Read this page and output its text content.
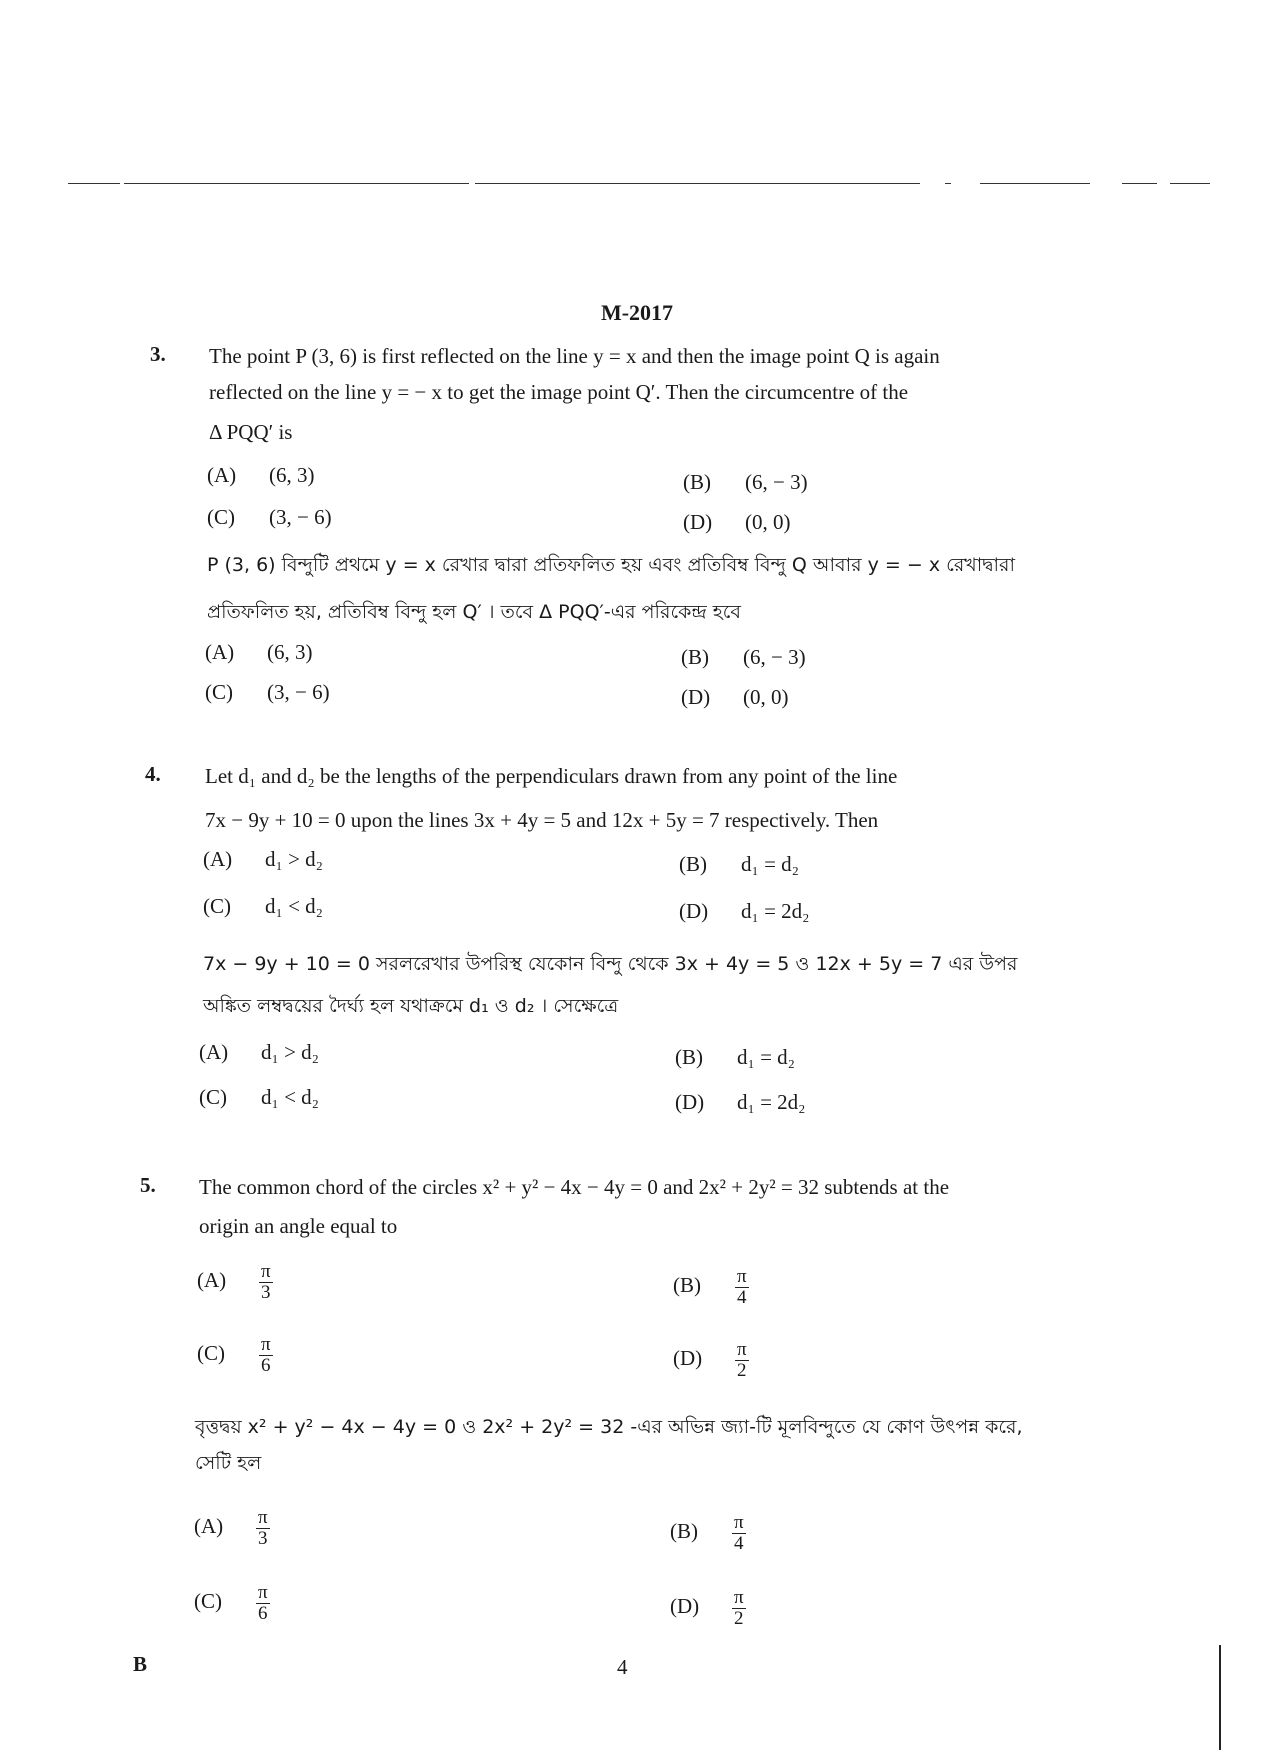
M-2017
3. The point P (3, 6) is first reflected on the line y = x and then the image point Q is again
reflected on the line y = − x to get the image point Q′. Then the circumcentre of the
Δ PQQ′ is
(A) (6, 3)	(B) (6, − 3)
(C) (3, − 6)	(D) (0, 0)
P (3, 6) বিন্দুটি প্রথমে y = x রেখার দ্বারা প্রতিফলিত হয় এবং প্রতিবিম্ব বিন্দু Q আবার y = − x রেখাদ্বারা
প্রতিফলিত হয়, প্রতিবিম্ব বিন্দু হল Q′ । তবে Δ PQQ′-এর পরিকেন্দ্র হবে
(A) (6, 3)	(B) (6, − 3)
(C) (3, − 6)	(D) (0, 0)
4. Let d₁ and d₂ be the lengths of the perpendiculars drawn from any point of the line
7x − 9y + 10 = 0 upon the lines 3x + 4y = 5 and 12x + 5y = 7 respectively. Then
(A) d₁ > d₂	(B) d₁ = d₂
(C) d₁ < d₂	(D) d₁ = 2d₂
7x − 9y + 10 = 0 সরলরেখার উপরিস্থ যেকোন বিন্দু থেকে 3x + 4y = 5 ও 12x + 5y = 7 এর উপর
অঙ্কিত লম্বদ্বয়ের দৈর্ঘ্য হল যথাক্রমে d₁ ও d₂ । সেক্ষেত্রে
(A) d₁ > d₂	(B) d₁ = d₂
(C) d₁ < d₂	(D) d₁ = 2d₂
5. The common chord of the circles x² + y² − 4x − 4y = 0 and 2x² + 2y² = 32 subtends at the
origin an angle equal to
$(A) \frac{\pi}{3}$	$(B) \frac{\pi}{4}$
$(C) \frac{\pi}{6}$	$(D) \frac{\pi}{2}$
বৃত্তদ্বয় x² + y² − 4x − 4y = 0 ও 2x² + 2y² = 32 -এর অভিন্ন জ্যা-টি মূলবিন্দুতে যে কোণ উৎপন্ন করে,
সেটি হল
$(A) \frac{\pi}{3}$	$(B) \frac{\pi}{4}$
$(C) \frac{\pi}{6}$	$(D) \frac{\pi}{2}$
B	4
